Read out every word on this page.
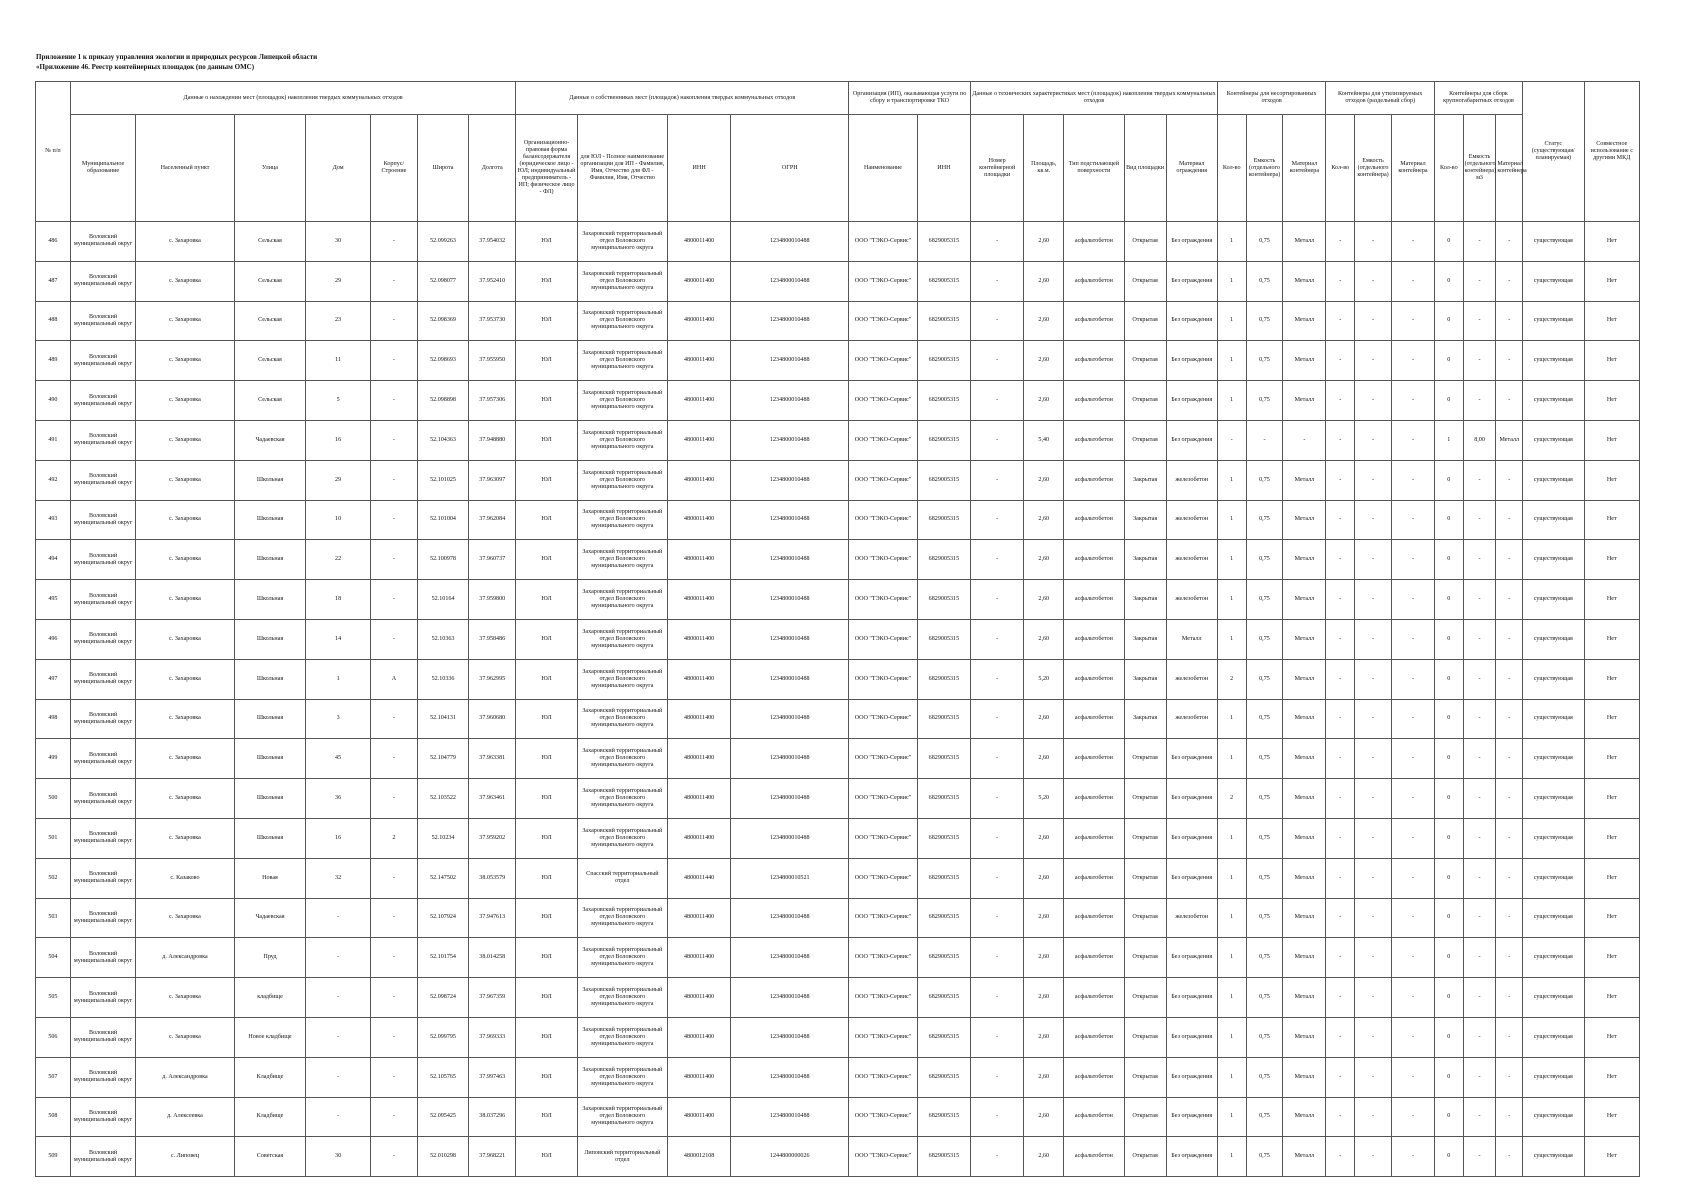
Приложение 1 к приказу управления экологии и природных ресурсов Липецкой области
«Приложение 46. Реестр контейнерных площадок (по данным ОМС)
№ п/п	Данные о нахождении мест (площадок) накопления твердых коммунальных отходов							Данные о собственниках мест (площадок) накопления твердых коммунальных отходов				Организация (ИП), оказывающая услуги по сбору и транспортировке ТКО		Данные о технических характеристиках мест (площадок) накопления твердых коммунальных отходов					Контейнеры для несортированных отходов			Контейнеры для утилизируемых отходов (раздельный сбор)			Контейнеры для сборк крупногабаритных отходов			Статус (существующая/ планируемая)	Совместное использование с другими МКД
	Муниципальное образование	Населенный пункт	Улица	Дом	Корпус/Строение	Широта	Долгота	Организационно-правовая форма балансодержателя (юридическое лицо - ЮЛ; индивидуальный предприниматель - ИП; физическое лицо - ФЛ)	для ЮЛ - Полное наименование организации для ИП - Фамилия, Имя, Отчество для ФЛ - Фамилия, Имя, Отчество	ИНН	ОГРН	Наименование	ИНН	Номер контейнерной площадки	Площадь, кв.м.	Тип подстилающей поверхности	Вид площадки	Материал ограждения	Кол-во	Емкость (отдельного контейнера)	Материал контейнера	Кол-во	Емкость (отдельного контейнера)	Материал контейнера	Кол-во	Емкость (отдельного контейнера) м3	Материал контейнера		
486	Воловский муниципальный округ	с. Захаровка	Сельская	30	-	52.099263	37.954032	ЮЛ	Захаровский территориальный отдел Воловского муниципального округа	4800011400	1234800010488	ООО "ТЭКО-Сервис"	6829005315	-	2,60	асфальтобетон	Открытая	Без ограждения	1	0,75	Металл	-	-	-	0	-	-	существующая	Нет
487	Воловский муниципальный округ	с. Захаровка	Сельская	29	-	52.098077	37.952410	ЮЛ	Захаровский территориальный отдел Воловского муниципального округа	4800011400	1234800010488	ООО "ТЭКО-Сервис"	6829005315	-	2,60	асфальтобетон	Открытая	Без ограждения	1	0,75	Металл	-	-	-	0	-	-	существующая	Нет
488	Воловский муниципальный округ	с. Захаровка	Сельская	23	-	52.098369	37.953730	ЮЛ	Захаровский территориальный отдел Воловского муниципального округа	4800011400	1234800010488	ООО "ТЭКО-Сервис"	6829005315	-	2,60	асфальтобетон	Открытая	Без ограждения	1	0,75	Металл	-	-	-	0	-	-	существующая	Нет
489	Воловский муниципальный округ	с. Захаровка	Сельская	11	-	52.098693	37.955950	ЮЛ	Захаровский территориальный отдел Воловского муниципального округа	4800011400	1234800010488	ООО "ТЭКО-Сервис"	6829005315	-	2,60	асфальтобетон	Открытая	Без ограждения	1	0,75	Металл	-	-	-	0	-	-	существующая	Нет
490	Воловский муниципальный округ	с. Захаровка	Сельская	5	-	52.098898	37.957306	ЮЛ	Захаровский территориальный отдел Воловского муниципального округа	4800011400	1234800010488	ООО "ТЭКО-Сервис"	6829005315	-	2,60	асфальтобетон	Открытая	Без ограждения	1	0,75	Металл	-	-	-	0	-	-	существующая	Нет
491	Воловский муниципальный округ	с. Захаровка	Чадаевская	16	-	52.104363	37.948880	ЮЛ	Захаровский территориальный отдел Воловского муниципального округа	4800011400	1234800010488	ООО "ТЭКО-Сервис"	6829005315	-	5,40	асфальтобетон	Открытая	Без ограждения	-	-	-	-	-	-	1	8,00	Металл	существующая	Нет
492	Воловский муниципальный округ	с. Захаровка	Школьная	29	-	52.101025	37.963097	ЮЛ	Захаровский территориальный отдел Воловского муниципального округа	4800011400	1234800010488	ООО "ТЭКО-Сервис"	6829005315	-	2,60	асфальтобетон	Закрытая	железобетон	1	0,75	Металл	-	-	-	0	-	-	существующая	Нет
493	Воловский муниципальный округ	с. Захаровка	Школьная	10	-	52.101004	37.962084	ЮЛ	Захаровский территориальный отдел Воловского муниципального округа	4800011400	1234800010488	ООО "ТЭКО-Сервис"	6829005315	-	2,60	асфальтобетон	Закрытая	железобетон	1	0,75	Металл	-	-	-	0	-	-	существующая	Нет
494	Воловский муниципальный округ	с. Захаровка	Школьная	22	-	52.100978	37.960737	ЮЛ	Захаровский территориальный отдел Воловского муниципального округа	4800011400	1234800010488	ООО "ТЭКО-Сервис"	6829005315	-	2,60	асфальтобетон	Закрытая	железобетон	1	0,75	Металл	-	-	-	0	-	-	существующая	Нет
495	Воловский муниципальный округ	с. Захаровка	Школьная	18	-	52.10164	37.959800	ЮЛ	Захаровский территориальный отдел Воловского муниципального округа	4800011400	1234800010488	ООО "ТЭКО-Сервис"	6829005315	-	2,60	асфальтобетон	Закрытая	железобетон	1	0,75	Металл	-	-	-	0	-	-	существующая	Нет
496	Воловский муниципальный округ	с. Захаровка	Школьная	14	-	52.10363	37.958486	ЮЛ	Захаровский территориальный отдел Воловского муниципального округа	4800011400	1234800010488	ООО "ТЭКО-Сервис"	6829005315	-	2,60	асфальтобетон	Закрытая	Металл	1	0,75	Металл	-	-	-	0	-	-	существующая	Нет
497	Воловский муниципальный округ	с. Захаровка	Школьная	1	А	52.10336	37.962995	ЮЛ	Захаровский территориальный отдел Воловского муниципального округа	4800011400	1234800010488	ООО "ТЭКО-Сервис"	6829005315	-	5,20	асфальтобетон	Закрытая	железобетон	2	0,75	Металл	-	-	-	0	-	-	существующая	Нет
498	Воловский муниципальный округ	с. Захаровка	Школьная	3	-	52.104131	37.960680	ЮЛ	Захаровский территориальный отдел Воловского муниципального округа	4800011400	1234800010488	ООО "ТЭКО-Сервис"	6829005315	-	2,60	асфальтобетон	Закрытая	железобетон	1	0,75	Металл	-	-	-	0	-	-	существующая	Нет
499	Воловский муниципальный округ	с. Захаровка	Школьная	45	-	52.104779	37.963381	ЮЛ	Захаровский территориальный отдел Воловского муниципального округа	4800011400	1234800010488	ООО "ТЭКО-Сервис"	6829005315	-	2,60	асфальтобетон	Открытая	Без ограждения	1	0,75	Металл	-	-	-	0	-	-	существующая	Нет
500	Воловский муниципальный округ	с. Захаровка	Школьная	36	-	52.103522	37.963461	ЮЛ	Захаровский территориальный отдел Воловского муниципального округа	4800011400	1234800010488	ООО "ТЭКО-Сервис"	6829005315	-	5,20	асфальтобетон	Открытая	Без ограждения	2	0,75	Металл	-	-	-	0	-	-	существующая	Нет
501	Воловский муниципальный округ	с. Захаровка	Школьная	16	2	52.10234	37.959202	ЮЛ	Захаровский территориальный отдел Воловского муниципального округа	4800011400	1234800010488	ООО "ТЭКО-Сервис"	6829005315	-	2,60	асфальтобетон	Открытая	Без ограждения	1	0,75	Металл	-	-	-	0	-	-	существующая	Нет
502	Воловский муниципальный округ	с. Казаково	Новая	32	-	52.147502	38.053579	ЮЛ	Спасский территориальный отдел	4800011440	1234800010521	ООО "ТЭКО-Сервис"	6829005315	-	2,60	асфальтобетон	Открытая	Без ограждения	1	0,75	Металл	-	-	-	0	-	-	существующая	Нет
503	Воловский муниципальный округ	с. Захаровка	Чадаевская	-	-	52.107924	37.947613	ЮЛ	Захаровский территориальный отдел Воловского муниципального округа	4800011400	1234800010488	ООО "ТЭКО-Сервис"	6829005315	-	2,60	асфальтобетон	Открытая	железобетон	1	0,75	Металл	-	-	-	0	-	-	существующая	Нет
504	Воловский муниципальный округ	д. Александровка	Пруд	-	-	52.101754	38.014258	ЮЛ	Захаровский территориальный отдел Воловского муниципального округа	4800011400	1234800010488	ООО "ТЭКО-Сервис"	6829005315	-	2,60	асфальтобетон	Открытая	Без ограждения	1	0,75	Металл	-	-	-	0	-	-	существующая	Нет
505	Воловский муниципальный округ	с. Захаровка	кладбище	-	-	52.098724	37.967359	ЮЛ	Захаровский территориальный отдел Воловского муниципального округа	4800011400	1234800010488	ООО "ТЭКО-Сервис"	6829005315	-	2,60	асфальтобетон	Открытая	Без ограждения	1	0,75	Металл	-	-	-	0	-	-	существующая	Нет
506	Воловский муниципальный округ	с. Захаровка	Новое кладбище	-	-	52.099795	37.969333	ЮЛ	Захаровский территориальный отдел Воловского муниципального округа	4800011400	1234800010488	ООО "ТЭКО-Сервис"	6829005315	-	2,60	асфальтобетон	Открытая	Без ограждения	1	0,75	Металл	-	-	-	0	-	-	существующая	Нет
507	Воловский муниципальный округ	д. Александровка	Кладбище	-	-	52.105765	37.997463	ЮЛ	Захаровский территориальный отдел Воловского муниципального округа	4800011400	1234800010488	ООО "ТЭКО-Сервис"	6829005315	-	2,60	асфальтобетон	Открытая	Без ограждения	1	0,75	Металл	-	-	-	0	-	-	существующая	Нет
508	Воловский муниципальный округ	д. Алексеевка	Кладбище	-	-	52.095425	38.037296	ЮЛ	Захаровский территориальный отдел Воловского муниципального округа	4800011400	1234800010488	ООО "ТЭКО-Сервис"	6829005315	-	2,60	асфальтобетон	Открытая	Без ограждения	1	0,75	Металл	-	-	-	0	-	-	существующая	Нет
509	Воловский муниципальный округ	с. Липовец	Советская	30	-	52.010298	37.968221	ЮЛ	Липовский территориальный отдел	4800012108	1244800000026	ООО "ТЭКО-Сервис"	6829005315	-	2,60	асфальтобетон	Открытая	Без ограждения	1	0,75	Металл	-	-	-	0	-	-	существующая	Нет
